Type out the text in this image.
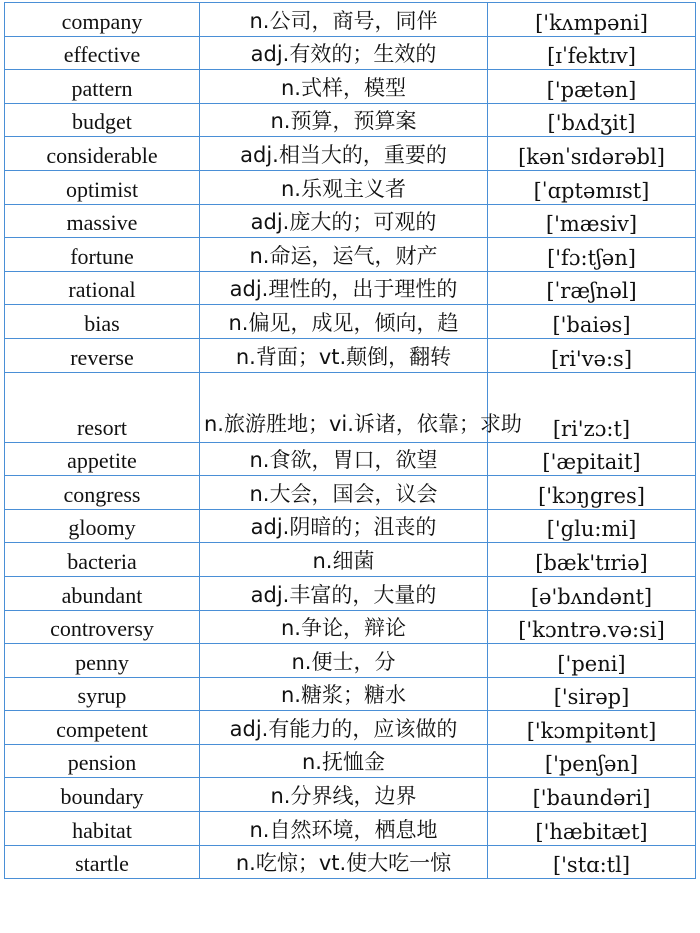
company	n.公司，商号，同伴	['kʌmpəni]
effective	adj.有效的；生效的	[ɪˈfektɪv]
pattern	n.式样，模型	['pætən]
budget	n.预算，预算案	['bʌdʒit]
considerable	adj.相当大的，重要的	[kənˈsɪdərəbl]
optimist	n.乐观主义者	[ˈɑptəmɪst]
massive	adj.庞大的；可观的	['mæsiv]
fortune	n.命运，运气，财产	['fɔ:tʃən]
rational	adj.理性的，出于理性的	[ˈræʃnəl]
bias	n.偏见，成见，倾向，趋	['baiəs]
reverse	n.背面；vt.颠倒，翻转	[ri'və:s]
resort	n.旅游胜地；vi.诉诸，依靠；求助	[ri'zɔ:t]
appetite	n.食欲，胃口，欲望	['æpitait]
congress	n.大会，国会，议会	['kɔŋgres]
gloomy	adj.阴暗的；沮丧的	['glu:mi]
bacteria	n.细菌	[bæk'tɪriə]
abundant	adj.丰富的，大量的	[ə'bʌndənt]
controversy	n.争论，辩论	['kɔntrə.və:si]
penny	n.便士，分	['peni]
syrup	n.糖浆；糖水	['sirəp]
competent	adj.有能力的，应该做的	['kɔmpitənt]
pension	n.抚恤金	['penʃən]
boundary	n.分界线，边界	['baundəri]
habitat	n.自然环境，栖息地	['hæbitæt]
startle	n.吃惊；vt.使大吃一惊	['stɑ:tl]
